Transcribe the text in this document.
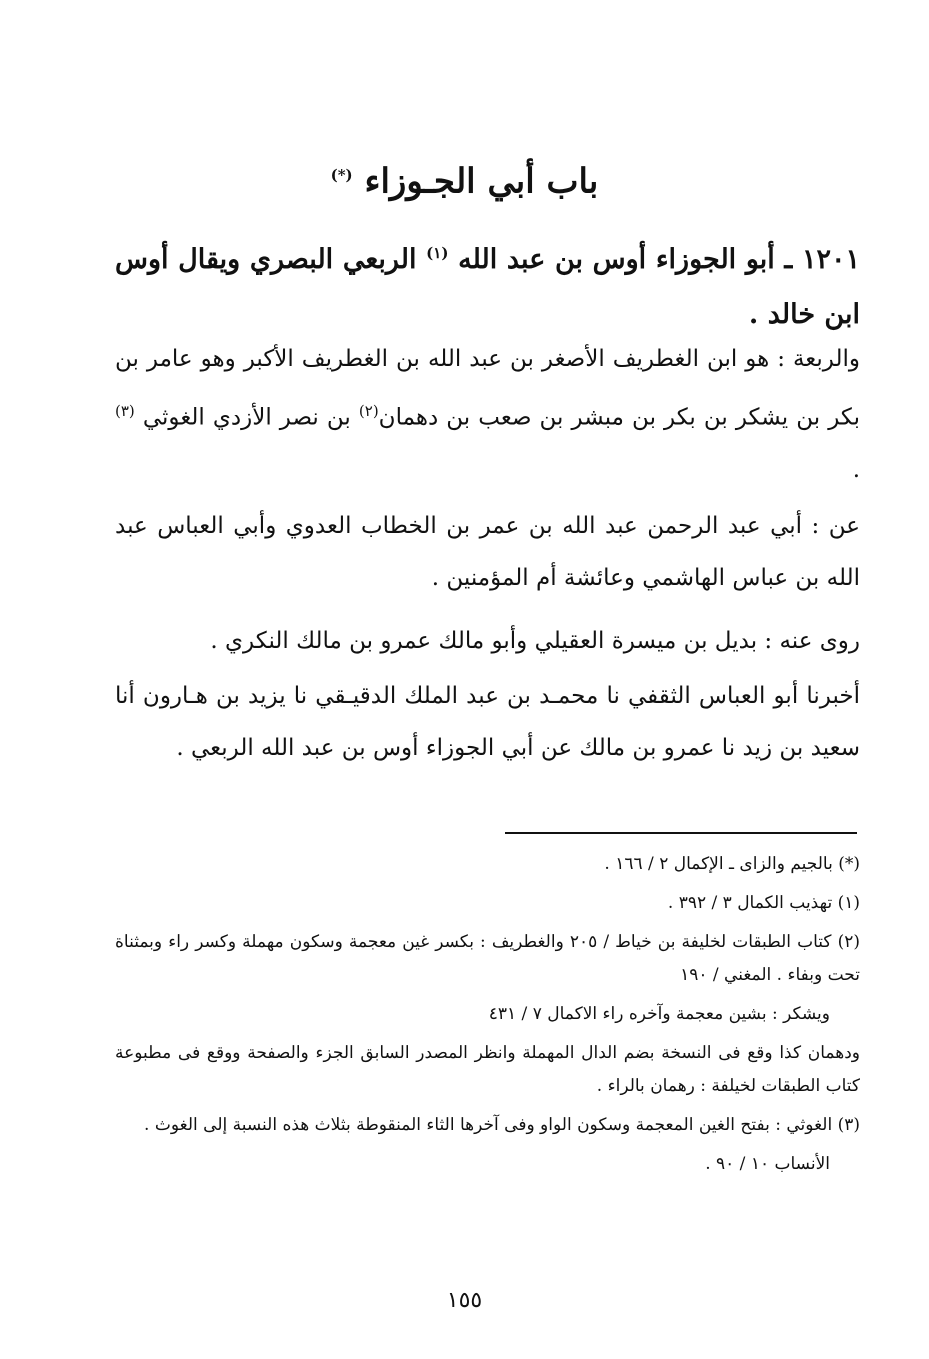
باب أبي الجـوزاء (*)
١٢٠١ ـ أبو الجوزاء أوس بن عبد الله $^{(١)}$ الربعي البصري ويقال أوس ابن خالد .
والربعة : هو ابن الغطريف الأصغر بن عبد الله بن الغطريف الأكبر وهو عامر بن بكر بن يشكر بن بكر بن مبشر بن صعب بن دهمان$^{(٢)}$ بن نصر الأزدي الغوثي $^{(٣)}$ .
عن : أبي عبد الرحمن عبد الله بن عمر بن الخطاب العدوي وأبي العباس عبد الله بن عباس الهاشمي وعائشة أم المؤمنين .
روى عنه : بديل بن ميسرة العقيلي وأبو مالك عمرو بن مالك النكري .
أخبرنا أبو العباس الثقفي نا محمـد بن عبد الملك الدقيـقي نا يزيد بن هـارون أنا سعيد بن زيد نا عمرو بن مالك عن أبي الجوزاء أوس بن عبد الله الربعي .
(*) بالجيم والزاى ـ الإكمال ٢ / ١٦٦ .
(١) تهذيب الكمال ٣ / ٣٩٢ .
(٢) كتاب الطبقات لخليفة بن خياط / ٢٠٥ والغطريف : بكسر غين معجمة وسكون مهملة وكسر راء وبمثناة تحت وبفاء . المغني / ١٩٠
ويشكر : بشين معجمة وآخره راء الاكمال ٧ / ٤٣١
ودهمان كذا وقع فى النسخة بضم الدال المهملة وانظر المصدر السابق الجزء والصفحة ووقع فى مطبوعة كتاب الطبقات لخيلفة : رهمان بالراء .
(٣) الغوثي : بفتح الغين المعجمة وسكون الواو وفى آخرها الثاء المنقوطة بثلاث هذه النسبة إلى الغوث .
الأنساب ١٠ / ٩٠ .
١٥٥
